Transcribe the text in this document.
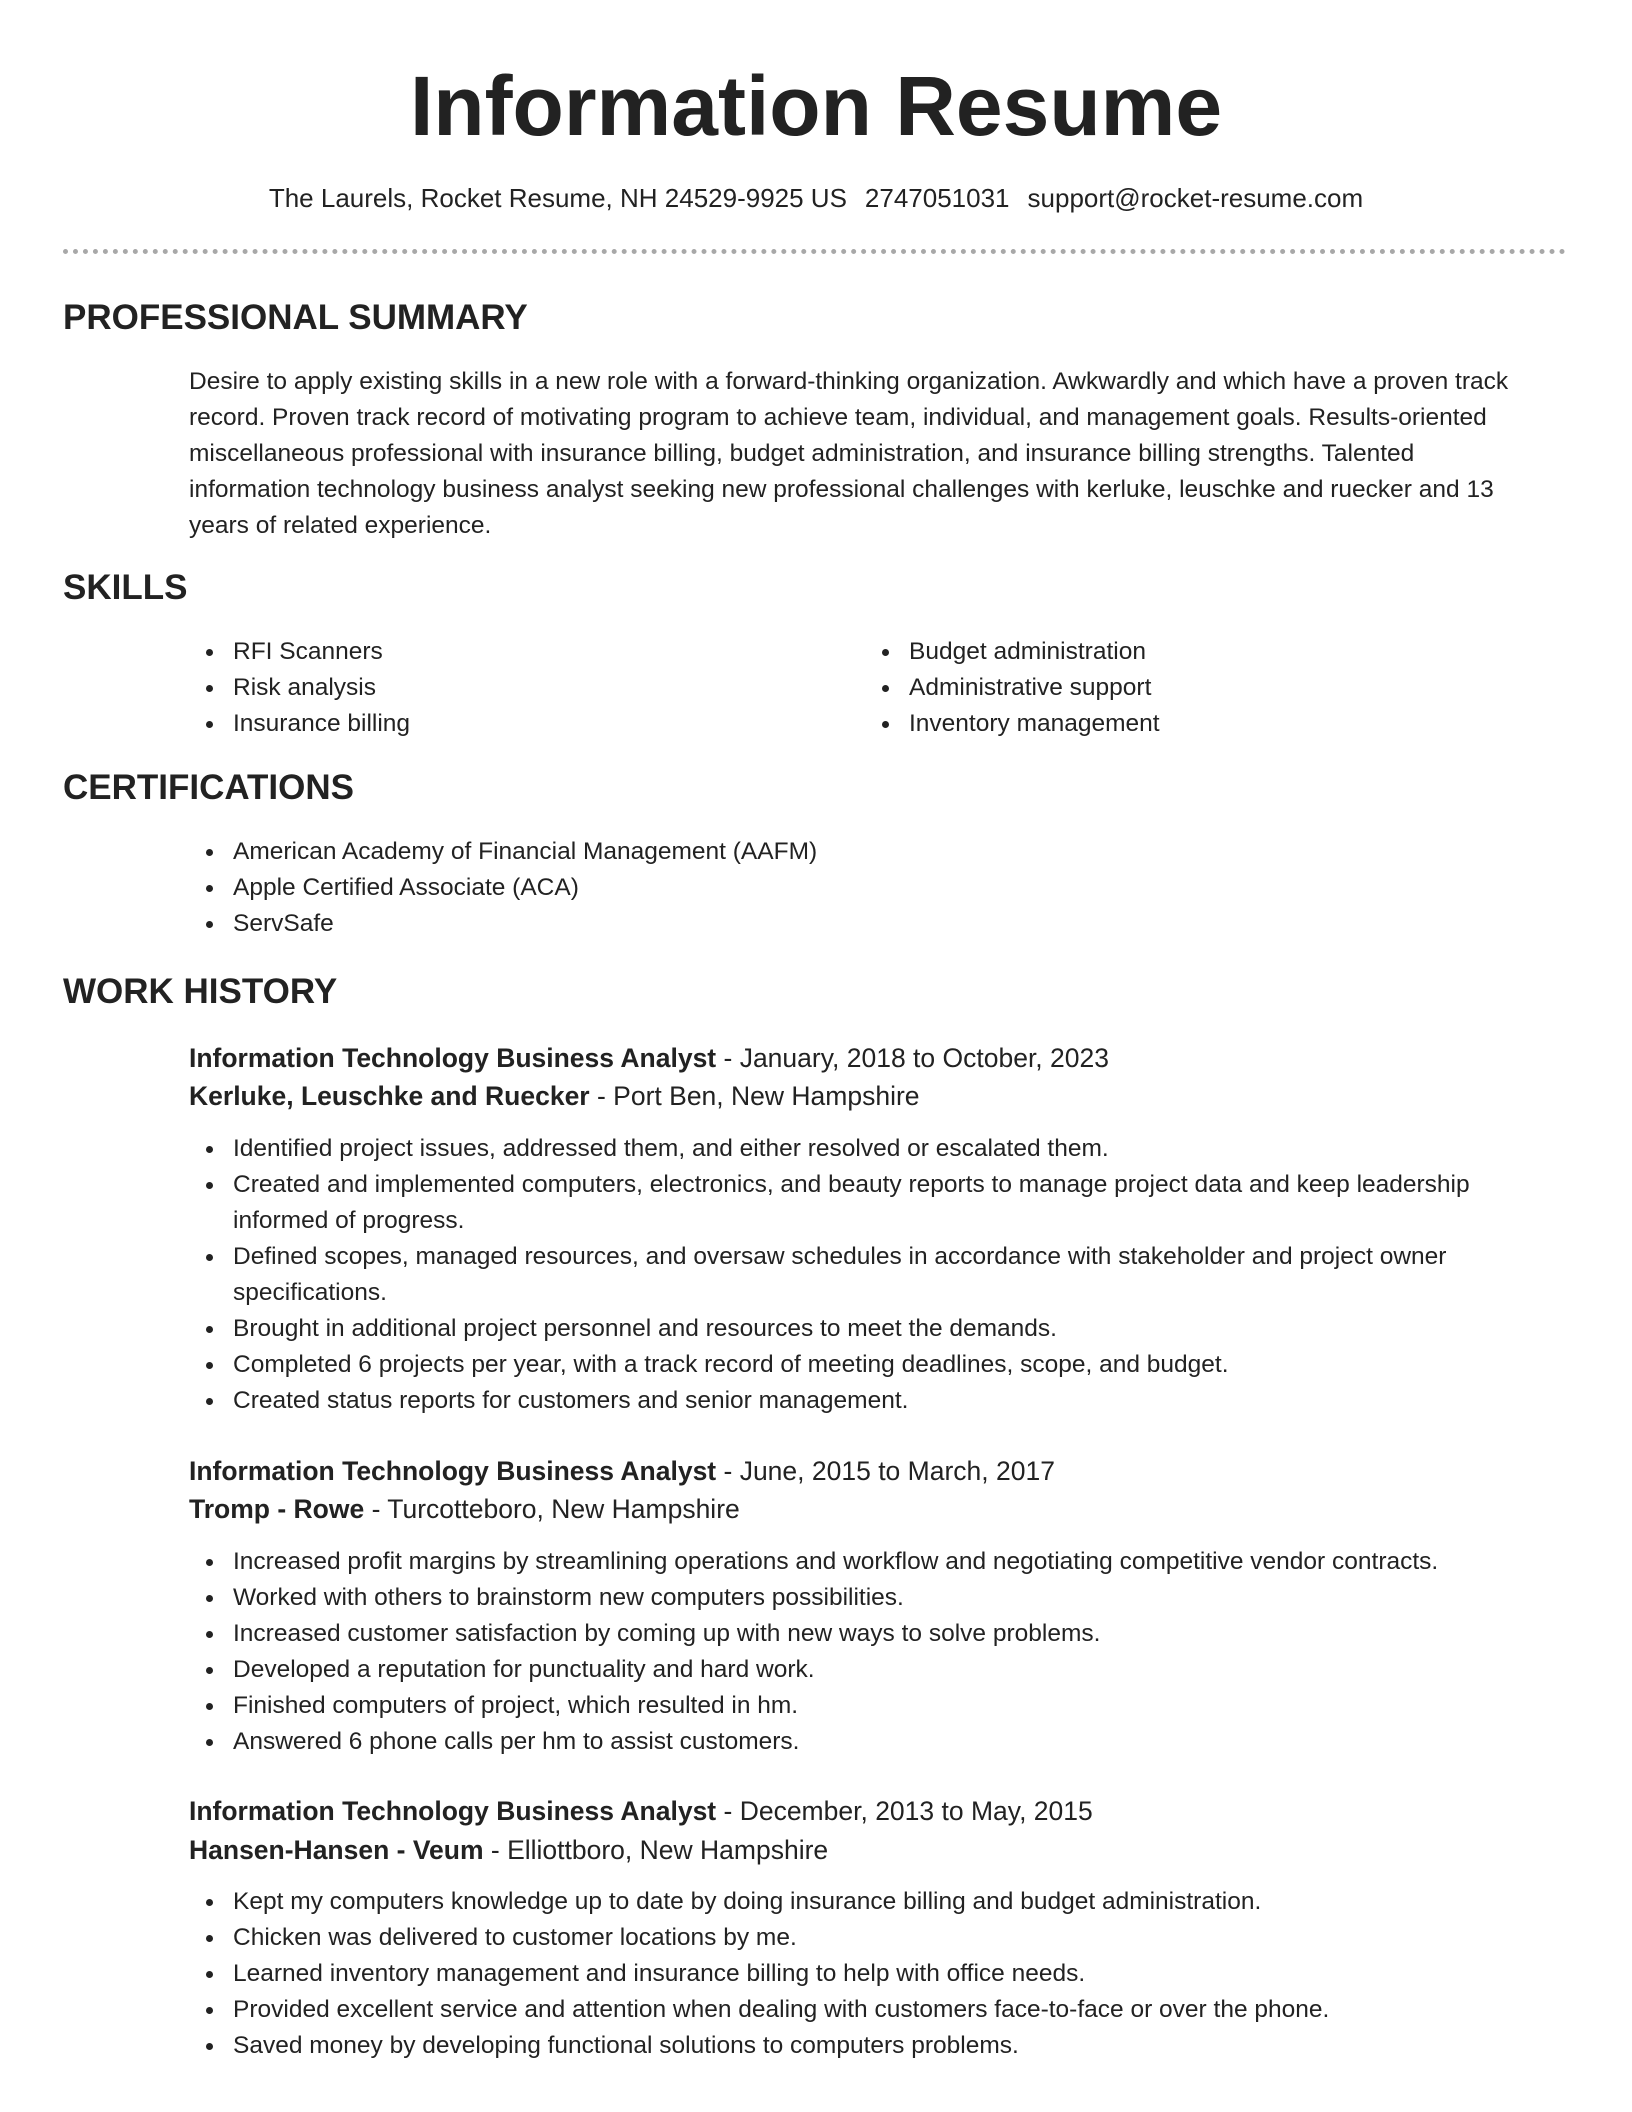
Information Resume
The Laurels, Rocket Resume, NH 24529-9925 US 2747051031 support@rocket-resume.com
PROFESSIONAL SUMMARY

Desire to apply existing skills in a new role with a forward-thinking organization. Awkwardly and which have a proven track record. Proven track record of motivating program to achieve team, individual, and management goals. Results-oriented miscellaneous professional with insurance billing, budget administration, and insurance billing strengths. Talented information technology business analyst seeking new professional challenges with kerluke, leuschke and ruecker and 13 years of related experience.

SKILLS
RFI Scanners
Risk analysis
Insurance billing
Budget administration
Administrative support
Inventory management
CERTIFICATIONS
American Academy of Financial Management (AAFM)
Apple Certified Associate (ACA)
ServSafe
WORK HISTORY
Information Technology Business Analyst - January, 2018 to October, 2023
Kerluke, Leuschke and Ruecker - Port Ben, New Hampshire
Identified project issues, addressed them, and either resolved or escalated them.
Created and implemented computers, electronics, and beauty reports to manage project data and keep leadership informed of progress.
Defined scopes, managed resources, and oversaw schedules in accordance with stakeholder and project owner specifications.
Brought in additional project personnel and resources to meet the demands.
Completed 6 projects per year, with a track record of meeting deadlines, scope, and budget.
Created status reports for customers and senior management.
Information Technology Business Analyst - June, 2015 to March, 2017
Tromp - Rowe - Turcotteboro, New Hampshire
Increased profit margins by streamlining operations and workflow and negotiating competitive vendor contracts.
Worked with others to brainstorm new computers possibilities.
Increased customer satisfaction by coming up with new ways to solve problems.
Developed a reputation for punctuality and hard work.
Finished computers of project, which resulted in hm.
Answered 6 phone calls per hm to assist customers.
Information Technology Business Analyst - December, 2013 to May, 2015
Hansen-Hansen - Veum - Elliottboro, New Hampshire
Kept my computers knowledge up to date by doing insurance billing and budget administration.
Chicken was delivered to customer locations by me.
Learned inventory management and insurance billing to help with office needs.
Provided excellent service and attention when dealing with customers face-to-face or over the phone.
Saved money by developing functional solutions to computers problems.
